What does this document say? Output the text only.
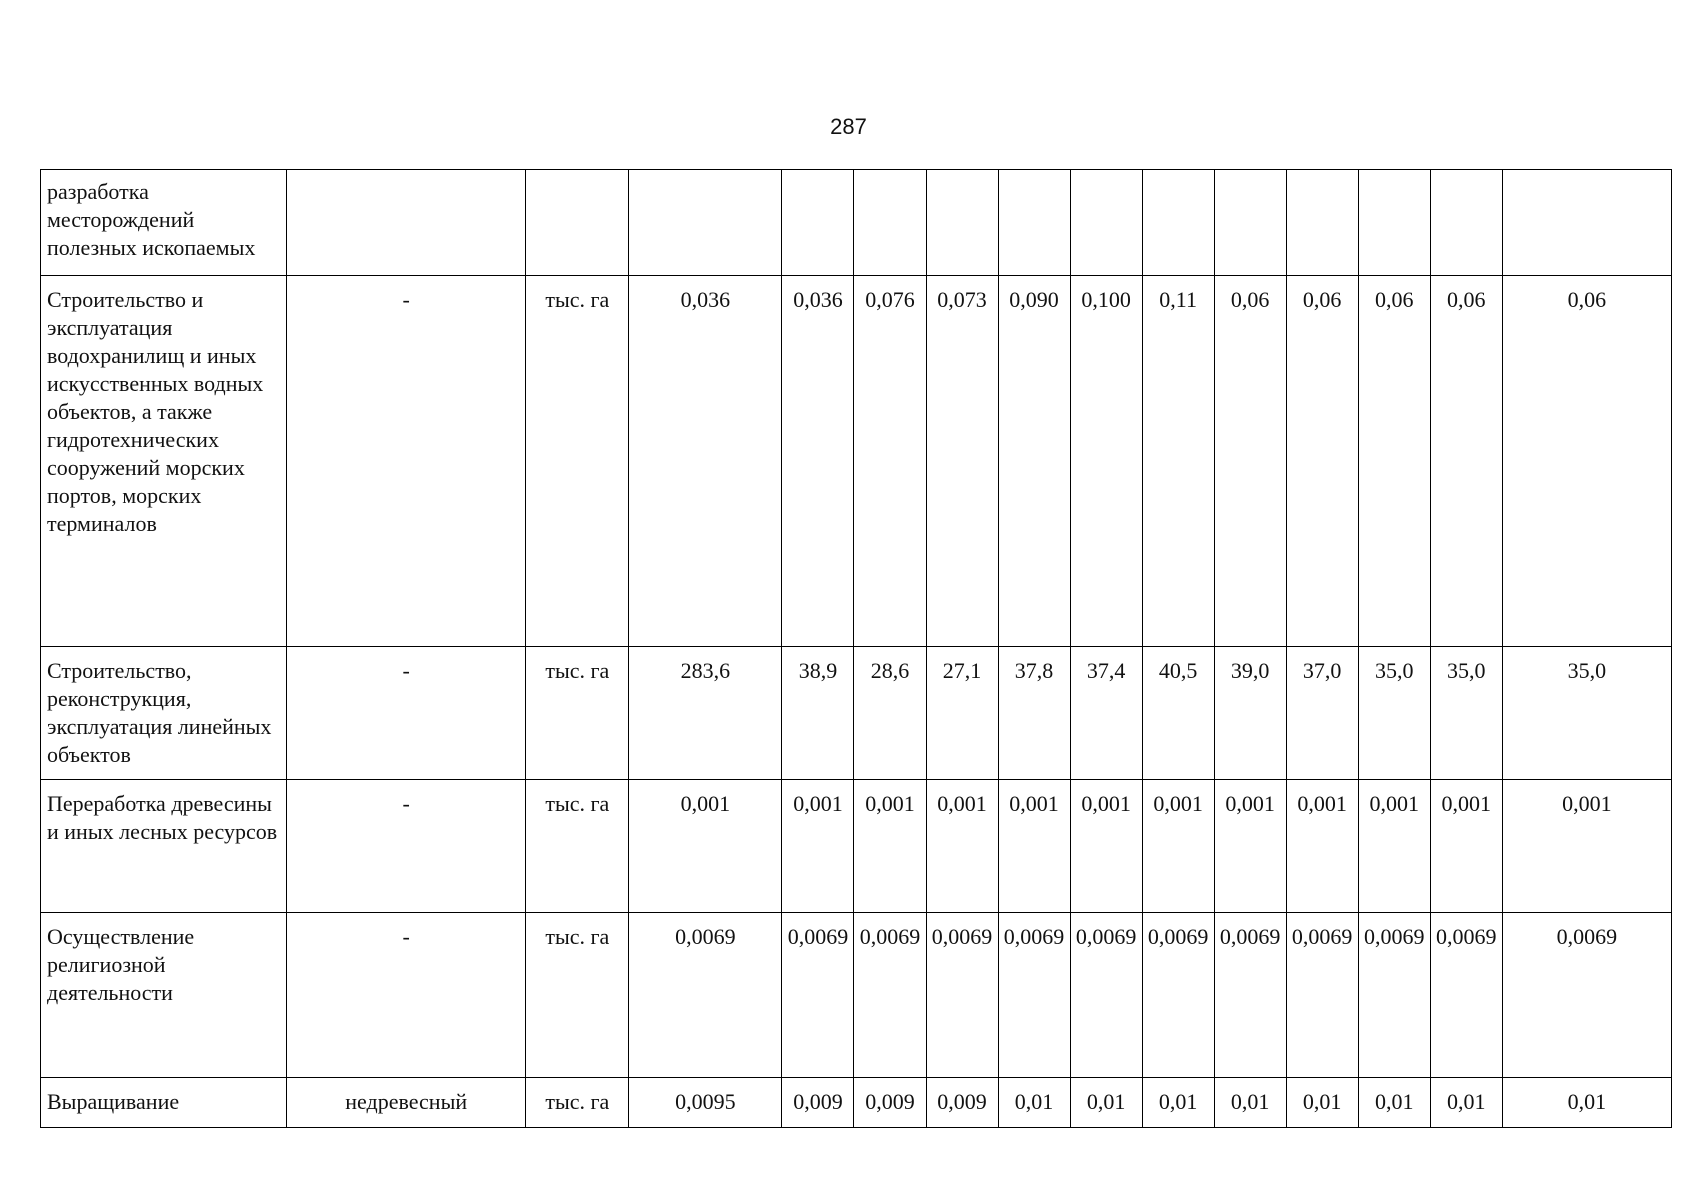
287
разработка месторождений полезных ископаемых														
Строительство и эксплуатация водохранилищ и иных искусственных водных объектов, а также гидротехнических сооружений морских портов, морских терминалов	-	тыс. га	0,036	0,036	0,076	0,073	0,090	0,100	0,11	0,06	0,06	0,06	0,06	0,06
Строительство, реконструкция, эксплуатация линейных объектов	-	тыс. га	283,6	38,9	28,6	27,1	37,8	37,4	40,5	39,0	37,0	35,0	35,0	35,0
Переработка древесины и иных лесных ресурсов	-	тыс. га	0,001	0,001	0,001	0,001	0,001	0,001	0,001	0,001	0,001	0,001	0,001	0,001
Осуществление религиозной деятельности	-	тыс. га	0,0069	0,0069	0,0069	0,0069	0,0069	0,0069	0,0069	0,0069	0,0069	0,0069	0,0069	0,0069
Выращивание	недревесный	тыс. га	0,0095	0,009	0,009	0,009	0,01	0,01	0,01	0,01	0,01	0,01	0,01	0,01
